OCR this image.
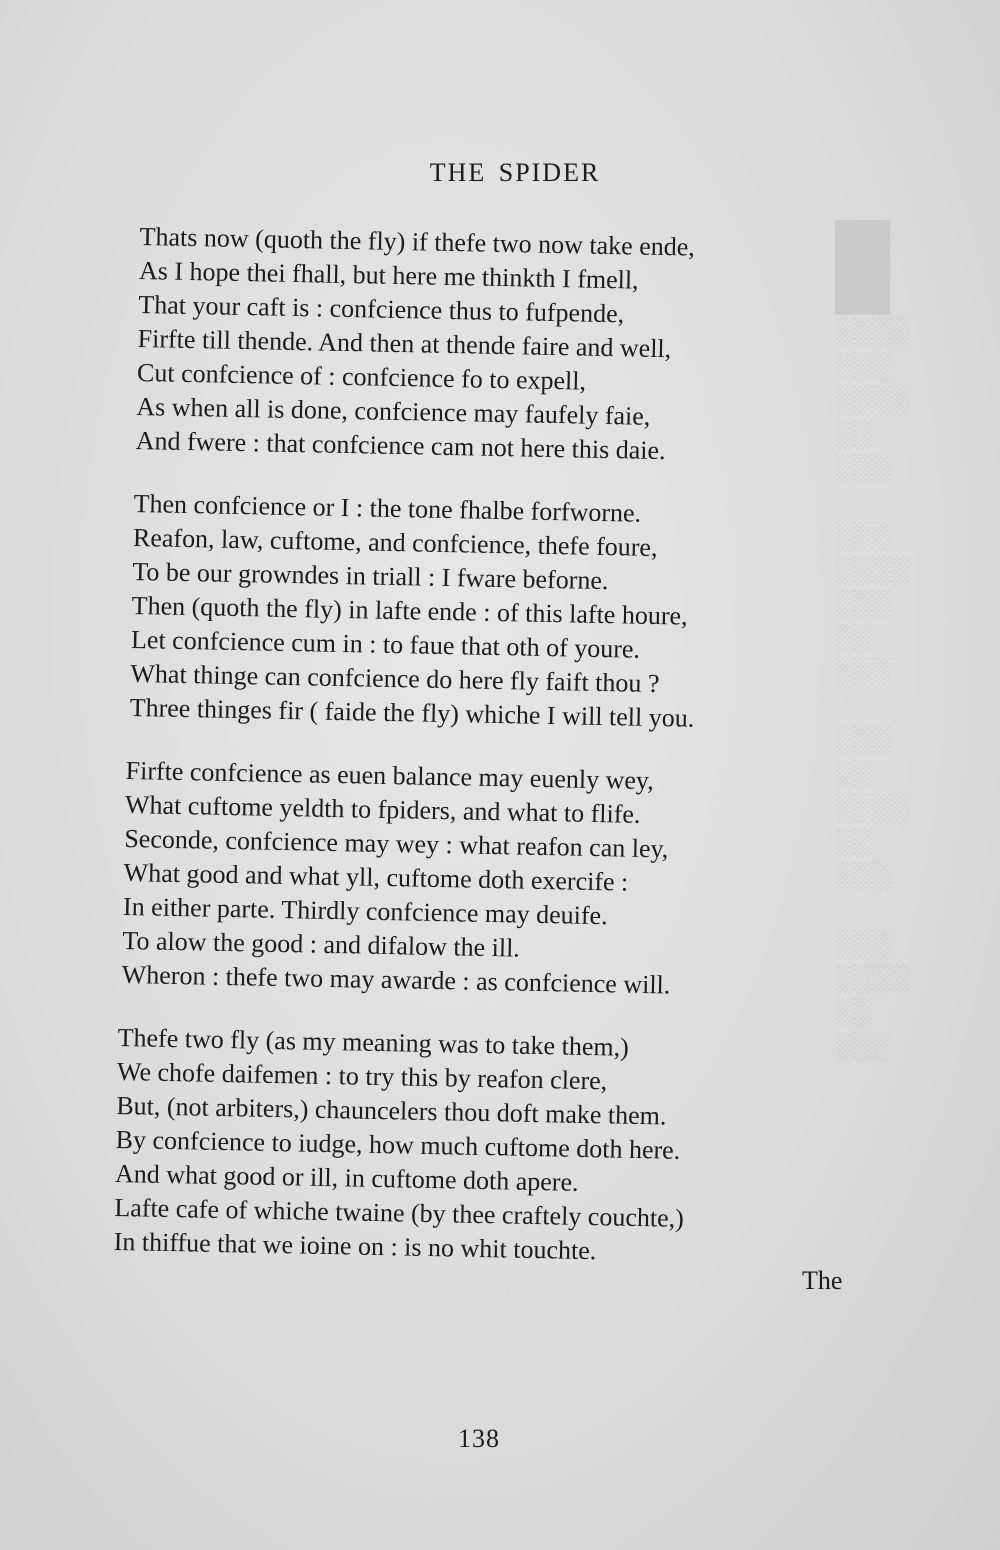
█
░░░░
░░░
░░░░
░░
░░░
░░░
░░░░
░░░
░░
░░░
░░░
░░
░░░░
░░
░░░
░░░
░░░░
░░
░░░
THE SPIDER
Thats now (quoth the fly) if thefe two now take ende,
As I hope thei fhall, but here me thinkth I fmell,
That your caft is : confcience thus to fufpende,
Firfte till thende. And then at thende faire and well,
Cut confcience of : confcience fo to expell,
As when all is done, confcience may faufely faie,
And fwere : that confcience cam not here this daie.
Then confcience or I : the tone fhalbe forfworne.
Reafon, law, cuftome, and confcience, thefe foure,
To be our growndes in triall : I fware beforne.
Then (quoth the fly) in lafte ende : of this lafte houre,
Let confcience cum in : to faue that oth of youre.
What thinge can confcience do here fly faift thou ?
Three thinges fir ( faide the fly) whiche I will tell you.
Firfte confcience as euen balance may euenly wey,
What cuftome yeldth to fpiders, and what to flife.
Seconde, confcience may wey : what reafon can ley,
What good and what yll, cuftome doth exercife :
In either parte. Thirdly confcience may deuife.
To alow the good : and difalow the ill.
Wheron : thefe two may awarde : as confcience will.
Thefe two fly (as my meaning was to take them,)
We chofe daifemen : to try this by reafon clere,
But, (not arbiters,) chauncelers thou doft make them.
By confcience to iudge, how much cuftome doth here.
And what good or ill, in cuftome doth apere.
Lafte cafe of whiche twaine (by thee craftely couchte,)
In thiffue that we ioine on : is no whit touchte.
The
138
